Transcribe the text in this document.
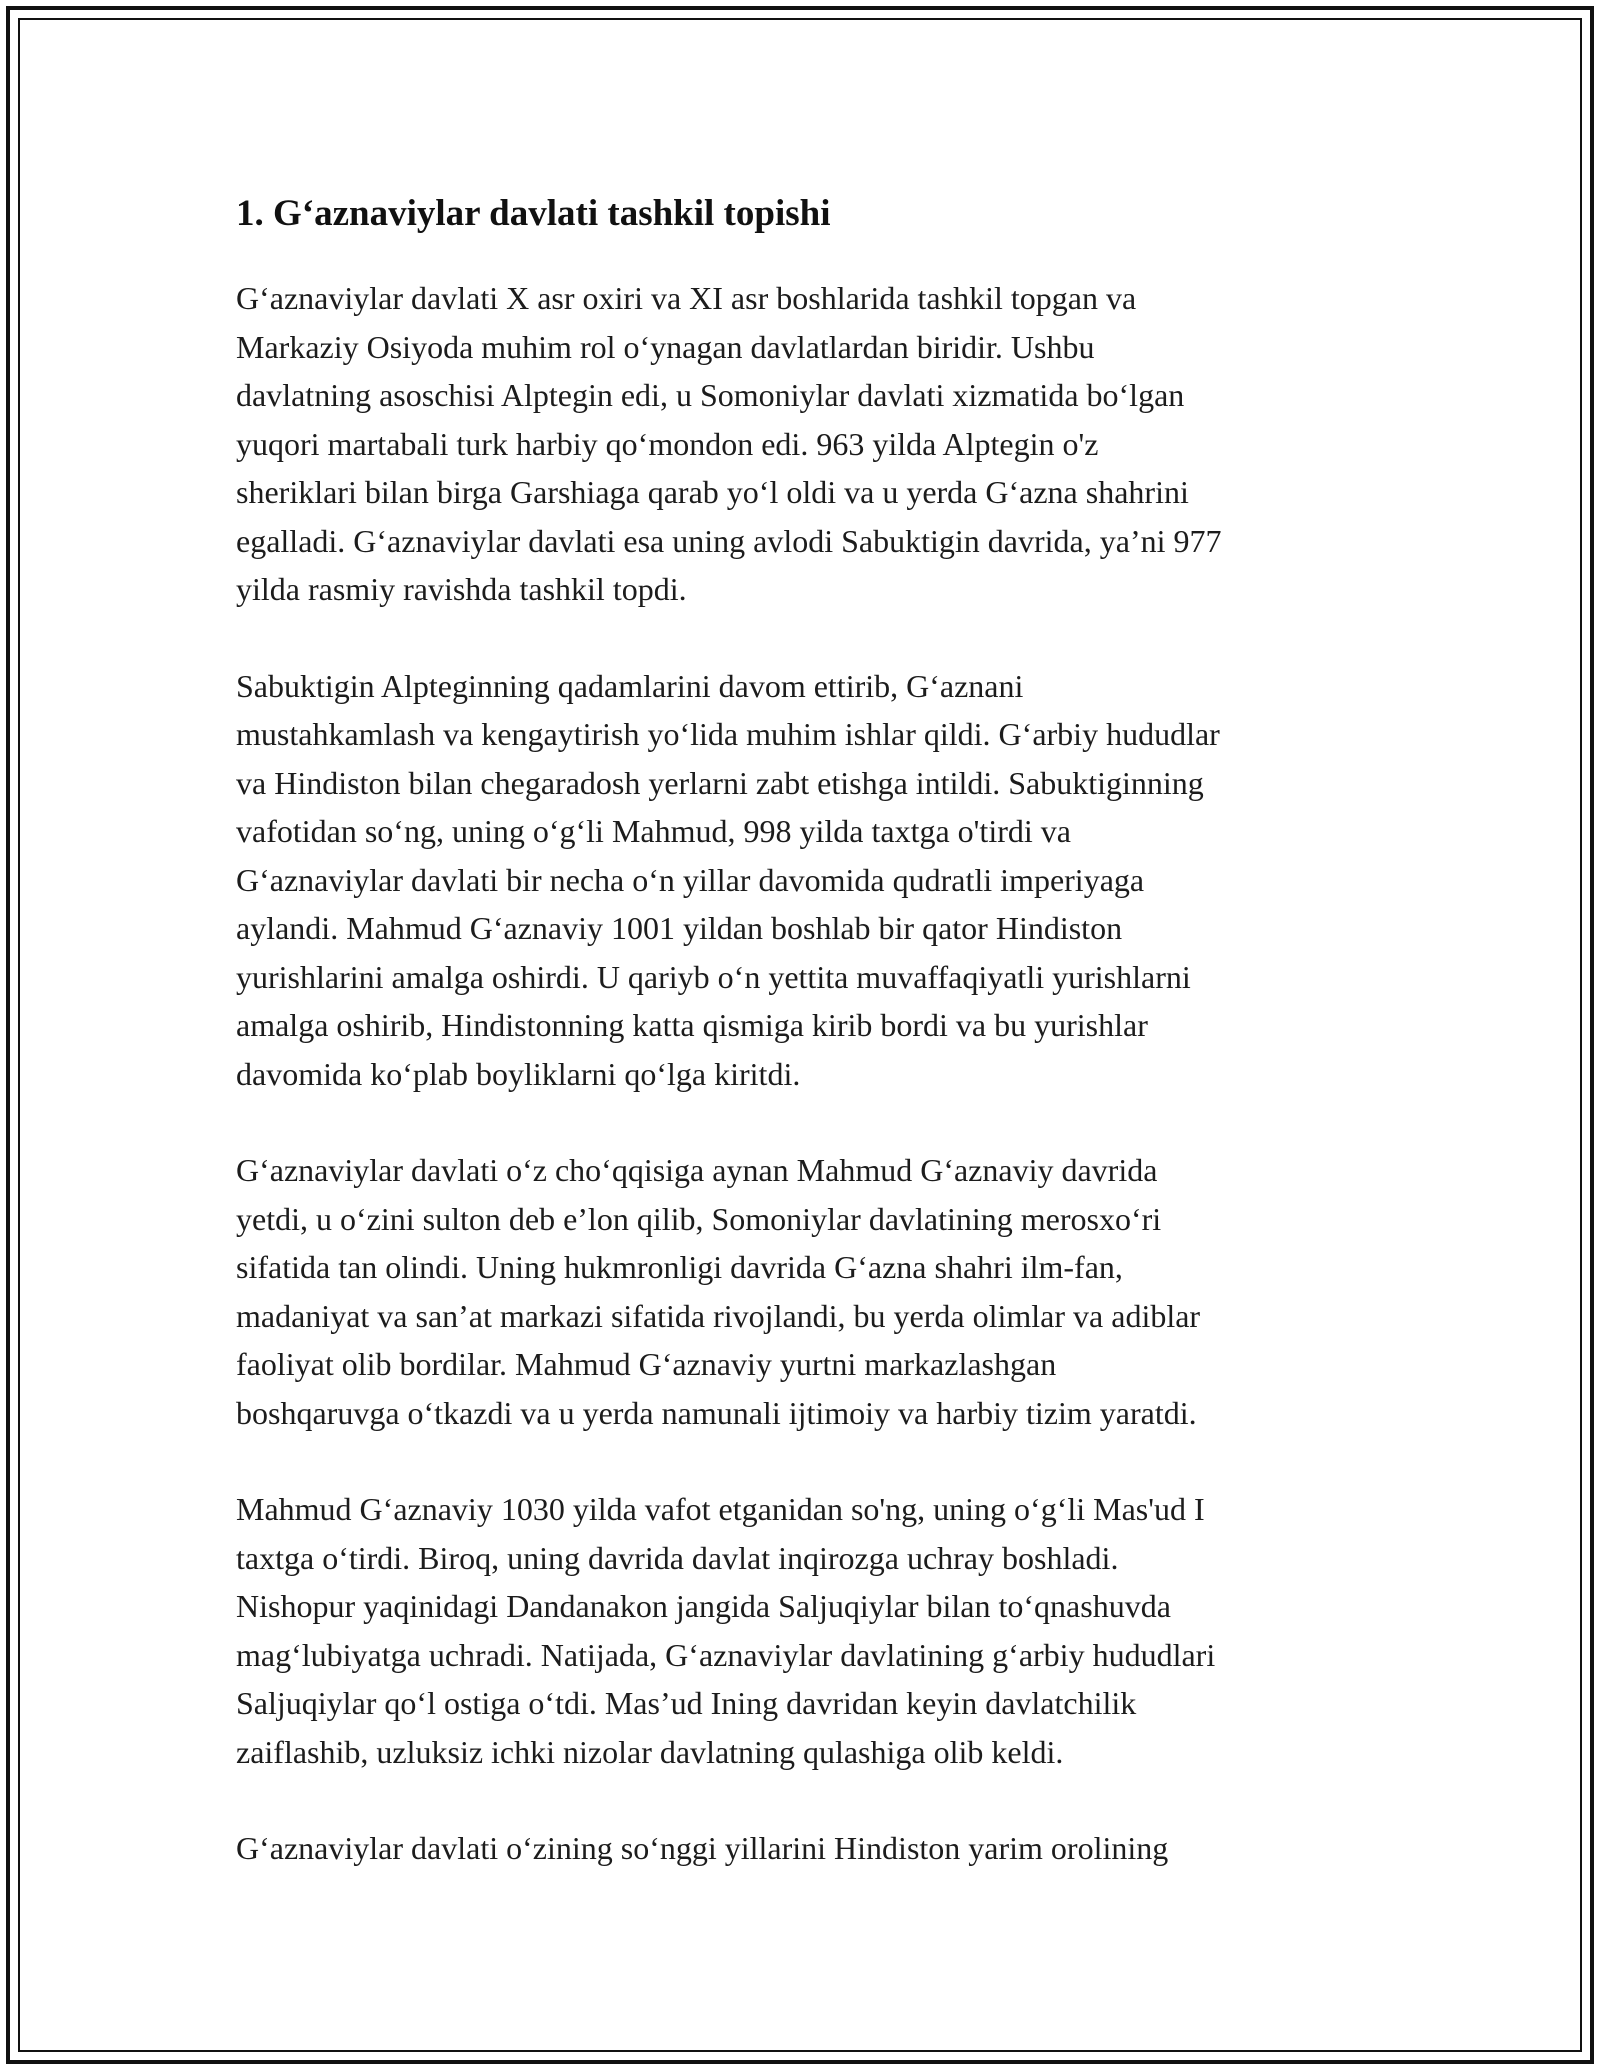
1. G‘aznaviylar davlati tashkil topishi

G‘aznaviylar davlati X asr oxiri va XI asr boshlarida tashkil topgan va
Markaziy Osiyoda muhim rol o‘ynagan davlatlardan biridir. Ushbu
davlatning asoschisi Alptegin edi, u Somoniylar davlati xizmatida bo‘lgan
yuqori martabali turk harbiy qo‘mondon edi. 963 yilda Alptegin o'z
sheriklari bilan birga Garshiaga qarab yo‘l oldi va u yerda G‘azna shahrini
egalladi. G‘aznaviylar davlati esa uning avlodi Sabuktigin davrida, ya’ni 977
yilda rasmiy ravishda tashkil topdi.

Sabuktigin Alpteginning qadamlarini davom ettirib, G‘aznani
mustahkamlash va kengaytirish yo‘lida muhim ishlar qildi. G‘arbiy hududlar
va Hindiston bilan chegaradosh yerlarni zabt etishga intildi. Sabuktiginning
vafotidan so‘ng, uning o‘g‘li Mahmud, 998 yilda taxtga o'tirdi va
G‘aznaviylar davlati bir necha o‘n yillar davomida qudratli imperiyaga
aylandi. Mahmud G‘aznaviy 1001 yildan boshlab bir qator Hindiston
yurishlarini amalga oshirdi. U qariyb o‘n yettita muvaffaqiyatli yurishlarni
amalga oshirib, Hindistonning katta qismiga kirib bordi va bu yurishlar
davomida ko‘plab boyliklarni qo‘lga kiritdi.

G‘aznaviylar davlati o‘z cho‘qqisiga aynan Mahmud G‘aznaviy davrida
yetdi, u o‘zini sulton deb e’lon qilib, Somoniylar davlatining merosxo‘ri
sifatida tan olindi. Uning hukmronligi davrida G‘azna shahri ilm-fan,
madaniyat va san’at markazi sifatida rivojlandi, bu yerda olimlar va adiblar
faoliyat olib bordilar. Mahmud G‘aznaviy yurtni markazlashgan
boshqaruvga o‘tkazdi va u yerda namunali ijtimoiy va harbiy tizim yaratdi.

Mahmud G‘aznaviy 1030 yilda vafot etganidan so'ng, uning o‘g‘li Mas'ud I
taxtga o‘tirdi. Biroq, uning davrida davlat inqirozga uchray boshladi.
Nishopur yaqinidagi Dandanakon jangida Saljuqiylar bilan to‘qnashuvda
mag‘lubiyatga uchradi. Natijada, G‘aznaviylar davlatining g‘arbiy hududlari
Saljuqiylar qo‘l ostiga o‘tdi. Mas’ud Ining davridan keyin davlatchilik
zaiflashib, uzluksiz ichki nizolar davlatning qulashiga olib keldi.

G‘aznaviylar davlati o‘zining so‘nggi yillarini Hindiston yarim orolining
